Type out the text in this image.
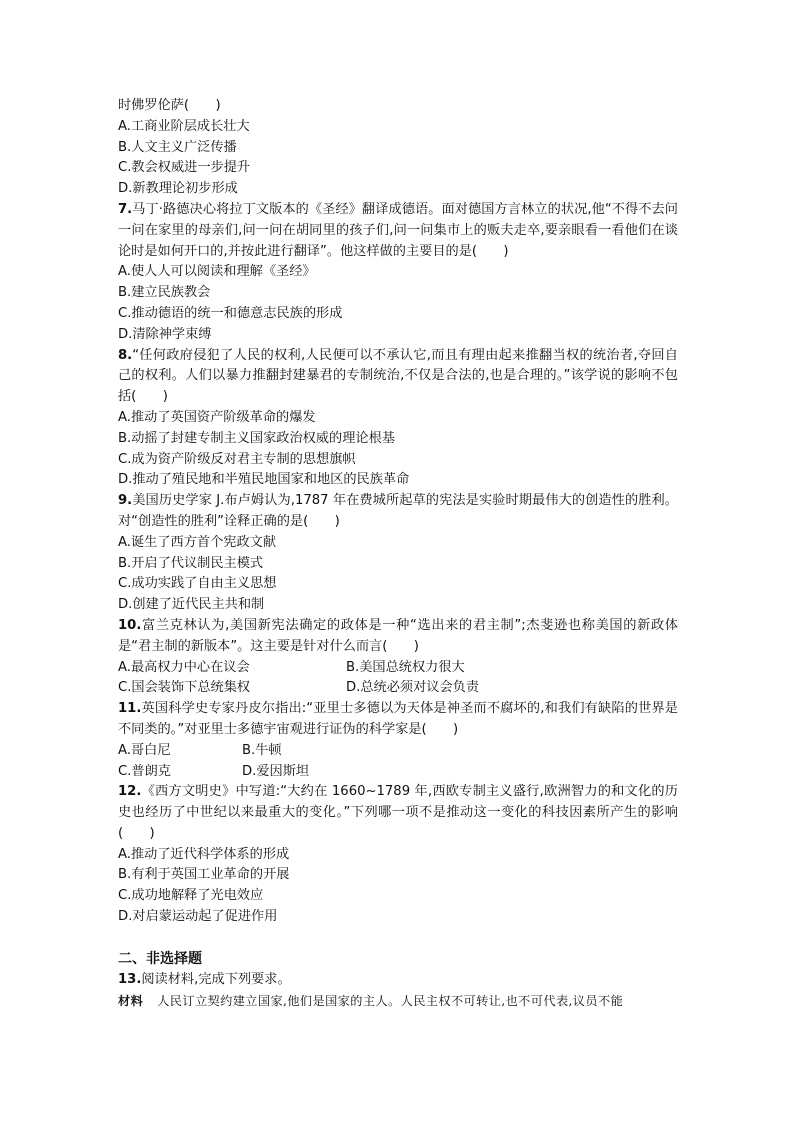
时佛罗伦萨(　　)
A.工商业阶层成长壮大
B.人文主义广泛传播
C.教会权威进一步提升
D.新教理论初步形成
7.马丁·路德决心将拉丁文版本的《圣经》翻译成德语。面对德国方言林立的状况,他“不得不去问一问在家里的母亲们,问一问在胡同里的孩子们,问一问集市上的贩夫走卒,要亲眼看一看他们在谈论时是如何开口的,并按此进行翻译”。他这样做的主要目的是(　　)
A.使人人可以阅读和理解《圣经》
B.建立民族教会
C.推动德语的统一和德意志民族的形成
D.清除神学束缚
8.“任何政府侵犯了人民的权利,人民便可以不承认它,而且有理由起来推翻当权的统治者,夺回自己的权利。人们以暴力推翻封建暴君的专制统治,不仅是合法的,也是合理的。”该学说的影响不包括(　　)
A.推动了英国资产阶级革命的爆发
B.动摇了封建专制主义国家政治权威的理论根基
C.成为资产阶级反对君主专制的思想旗帜
D.推动了殖民地和半殖民地国家和地区的民族革命
9.美国历史学家 J.布卢姆认为,1787 年在费城所起草的宪法是实验时期最伟大的创造性的胜利。对“创造性的胜利”诠释正确的是(　　)
A.诞生了西方首个宪政文献
B.开启了代议制民主模式
C.成功实践了自由主义思想
D.创建了近代民主共和制
10.富兰克林认为,美国新宪法确定的政体是一种“选出来的君主制”;杰斐逊也称美国的新政体是“君主制的新版本”。这主要是针对什么而言(　　)
A.最高权力中心在议会	B.美国总统权力很大
C.国会装饰下总统集权	D.总统必须对议会负责
11.英国科学史专家丹皮尔指出:“亚里士多德以为天体是神圣而不腐坏的,和我们有缺陷的世界是不同类的。”对亚里士多德宇宙观进行证伪的科学家是(　　)
A.哥白尼	B.牛顿
C.普朗克	D.爱因斯坦
12.《西方文明史》中写道:“大约在 1660~1789 年,西欧专制主义盛行,欧洲智力的和文化的历史也经历了中世纪以来最重大的变化。”下列哪一项不是推动这一变化的科技因素所产生的影响(　　)
A.推动了近代科学体系的形成
B.有利于英国工业革命的开展
C.成功地解释了光电效应
D.对启蒙运动起了促进作用
二、非选择题
13.阅读材料,完成下列要求。
材料 人民订立契约建立国家,他们是国家的主人。人民主权不可转让,也不可代表,议员不能
